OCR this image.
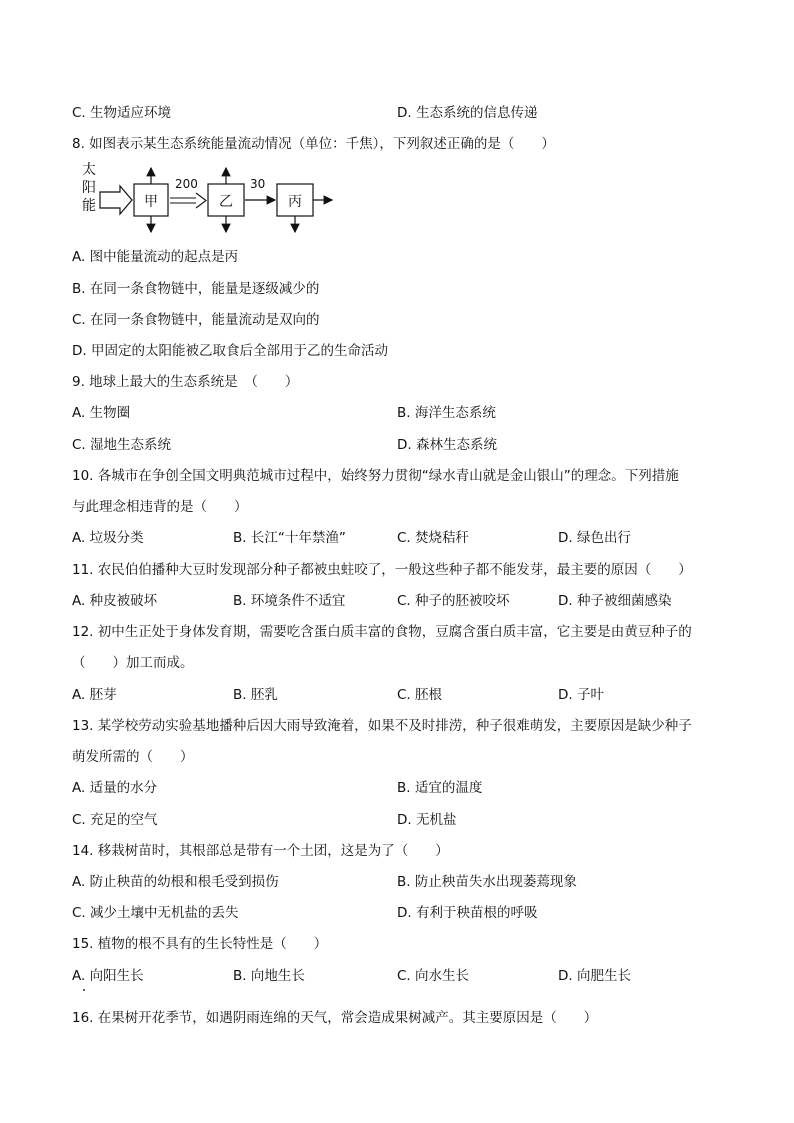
C. 生物适应环境	D. 生态系统的信息传递
8. 如图表示某生态系统能量流动情况（单位：千焦），下列叙述正确的是（　　）
太
阳
能	甲
200
乙
30
丙
A. 图中能量流动的起点是丙
B. 在同一条食物链中，能量是逐级减少的
C. 在同一条食物链中，能量流动是双向的
D. 甲固定的太阳能被乙取食后全部用于乙的生命活动
9. 地球上最大的生态系统是　（　　）
A. 生物圈	B. 海洋生态系统
C. 湿地生态系统	D. 森林生态系统
10. 各城市在争创全国文明典范城市过程中，始终努力贯彻“绿水青山就是金山银山”的理念。下列措施
与此理念相违背的是（　　）
A. 垃圾分类	B. 长江“十年禁渔”	C. 焚烧秸秆	D. 绿色出行
11. 农民伯伯播种大豆时发现部分种子都被虫蛀咬了，一般这些种子都不能发芽，最主要的原因（　　）
A. 种皮被破坏	B. 环境条件不适宜	C. 种子的胚被咬坏	D. 种子被细菌感染
12. 初中生正处于身体发育期，需要吃含蛋白质丰富的食物，豆腐含蛋白质丰富，它主要是由黄豆种子的
（　　）加工而成。
A. 胚芽	B. 胚乳	C. 胚根	D. 子叶
13. 某学校劳动实验基地播种后因大雨导致淹着，如果不及时排涝，种子很难萌发，主要原因是缺少种子
萌发所需的（　　）
A. 适量的水分	B. 适宜的温度
C. 充足的空气	D. 无机盐
14. 移栽树苗时，其根部总是带有一个土团，这是为了（　　）
A. 防止秧苗的幼根和根毛受到损伤	B. 防止秧苗失水出现萎蔫现象
C. 减少土壤中无机盐的丢失	D. 有利于秧苗根的呼吸
15. 植物的根不具有的生长特性是（　　）
A. 向阳生长	B. 向地生长	C. 向水生长	D. 向肥生长
16. 在果树开花季节，如遇阴雨连绵的天气，常会造成果树减产。其主要原因是（　　）
